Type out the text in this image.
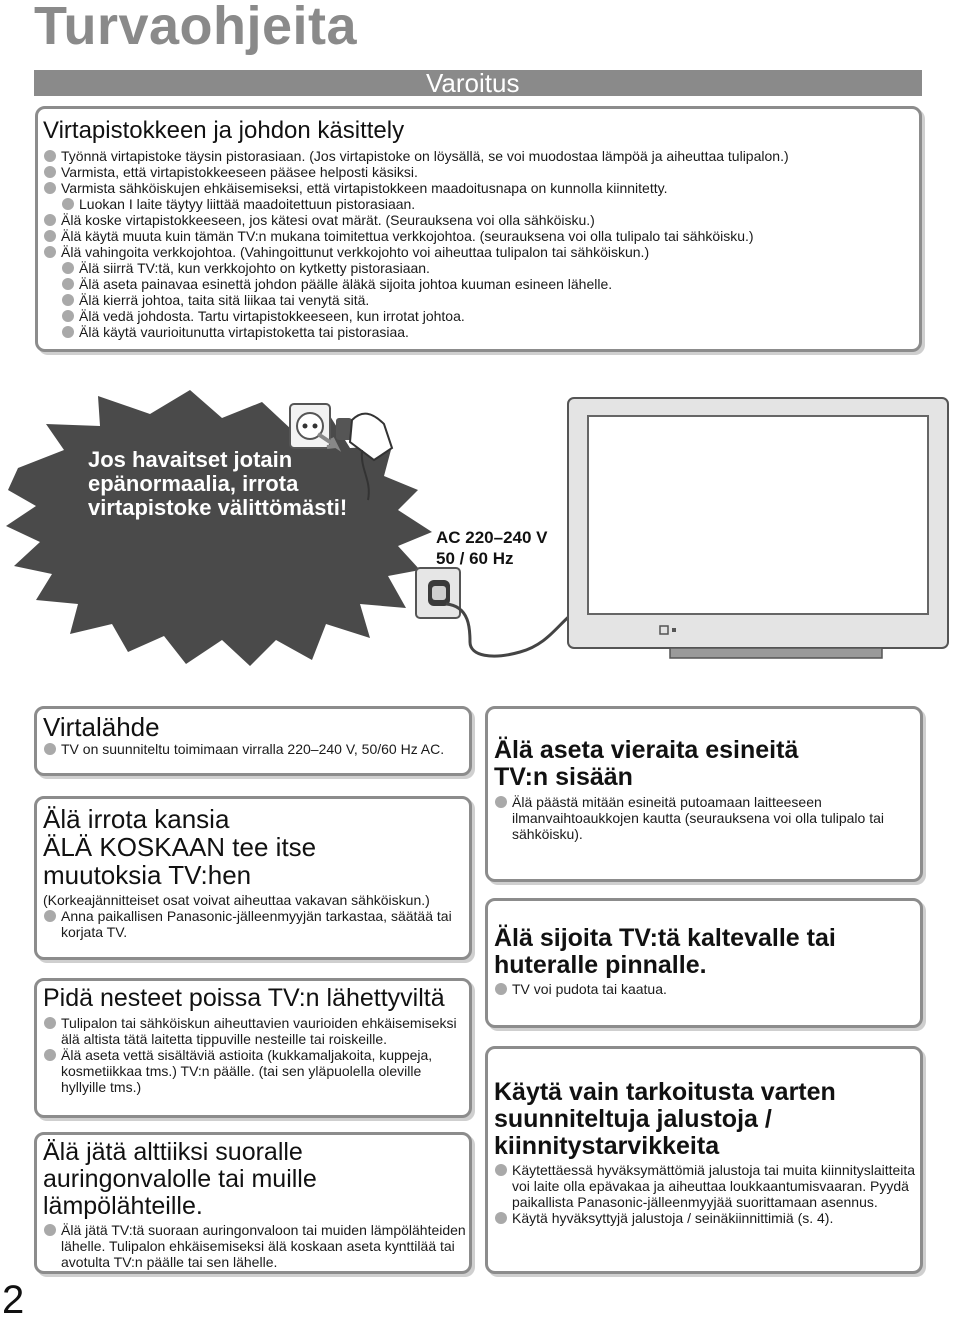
Turvaohjeita
Varoitus
Virtapistokkeen ja johdon käsittely
Työnnä virtapistoke täysin pistorasiaan. (Jos virtapistoke on löysällä, se voi muodostaa lämpöä ja aiheuttaa tulipalon.)
Varmista, että virtapistokkeeseen pääsee helposti käsiksi.
Varmista sähköiskujen ehkäisemiseksi, että virtapistokkeen maadoitusnapa on kunnolla kiinnitetty.
Luokan I laite täytyy liittää maadoitettuun pistorasiaan.
Älä koske virtapistokkeeseen, jos kätesi ovat märät. (Seurauksena voi olla sähköisku.)
Älä käytä muuta kuin tämän TV:n mukana toimitettua verkkojohtoa. (seurauksena voi olla tulipalo tai sähköisku.)
Älä vahingoita verkkojohtoa. (Vahingoittunut verkkojohto voi aiheuttaa tulipalon tai sähköiskun.)
Älä siirrä TV:tä, kun verkkojohto on kytketty pistorasiaan.
Älä aseta painavaa esinettä johdon päälle äläkä sijoita johtoa kuuman esineen lähelle.
Älä kierrä johtoa, taita sitä liikaa tai venytä sitä.
Älä vedä johdosta. Tartu virtapistokkeeseen, kun irrotat johtoa.
Älä käytä vaurioitunutta virtapistoketta tai pistorasiaa.
Jos havaitset jotain
epänormaalia, irrota
virtapistoke välittömästi!
AC 220–240 V
50 / 60 Hz
Virtalähde
TV on suunniteltu toimimaan virralla 220–240 V, 50/60 Hz AC.
Älä irrota kansia
ÄLÄ KOSKAAN tee itse
muutoksia TV:hen
(Korkeajännitteiset osat voivat aiheuttaa vakavan sähköiskun.)
Anna paikallisen Panasonic-jälleenmyyjän tarkastaa, säätää tai korjata TV.
Pidä nesteet poissa TV:n lähettyviltä
Tulipalon tai sähköiskun aiheuttavien vaurioiden ehkäisemiseksi älä altista tätä laitetta tippuville nesteille tai roiskeille.
Älä aseta vettä sisältäviä astioita (kukkamaljakoita, kuppeja, kosmetiikkaa tms.) TV:n päälle. (tai sen yläpuolella oleville hyllyille tms.)
Älä jätä alttiiksi suoralle
auringonvalolle tai muille
lämpölähteille.
Älä jätä TV:tä suoraan auringonvaloon tai muiden lämpölähteiden lähelle. Tulipalon ehkäisemiseksi älä koskaan aseta kynttilää tai avotulta TV:n päälle tai sen lähelle.
Älä aseta vieraita esineitä
TV:n sisään
Älä päästä mitään esineitä putoamaan laitteeseen ilmanvaihtoaukkojen kautta (seurauksena voi olla tulipalo tai sähköisku).
Älä sijoita TV:tä kaltevalle tai
huteralle pinnalle.
TV voi pudota tai kaatua.
Käytä vain tarkoitusta varten
suunniteltuja jalustoja /
kiinnitystarvikkeita
Käytettäessä hyväksymättömiä jalustoja tai muita kiinnityslaitteita voi laite olla epävakaa ja aiheuttaa loukkaantumisvaaran. Pyydä paikallista Panasonic-jälleenmyyjää suorittamaan asennus.
Käytä hyväksyttyjä jalustoja / seinäkiinnittimiä (s. 4).
2
